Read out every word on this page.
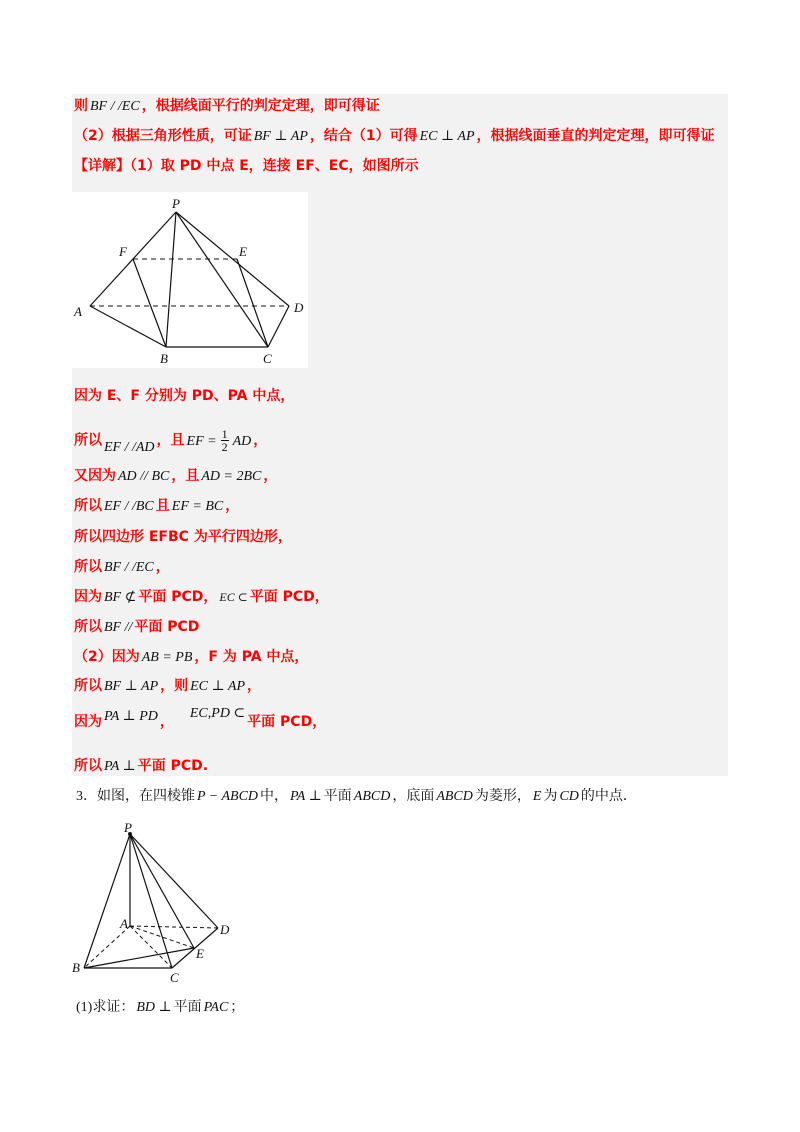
则 BF / /EC ，根据线面平行的判定定理，即可得证
（2）根据三角形性质，可证 BF ⊥ AP ，结合（1）可得 EC ⊥ AP ，根据线面垂直的判定定理，即可得证
【详解】（1）取 PD 中点 E，连接 EF、EC，如图所示
P
F	E
A	D
B	C
因为 E、F 分别为 PD、PA 中点，
所以 EF / /AD ，且 EF = $\frac{1}{2}$ AD ，
又因为 AD // BC ，且 AD = 2BC ，
所以 EF / /BC 且 EF = BC ，
所以四边形 EFBC 为平行四边形，
所以 BF / /EC ，
因为 BF ⊄ 平面 PCD， EC ⊂ 平面 PCD，
所以 BF // 平面 PCD
（2）因为 AB = PB ，F 为 PA 中点，
所以 BF ⊥ AP ，则 EC ⊥ AP ，
因为 PA ⊥ PD ，EC,PD ⊂平面 PCD，
所以 PA ⊥ 平面 PCD.
3．如图，在四棱锥 P − ABCD 中， PA ⊥ 平面 ABCD ，底面 ABCD 为菱形， E 为 CD 的中点．
P
A	D
E
B
C
(1)求证： BD ⊥ 平面 PAC ；
